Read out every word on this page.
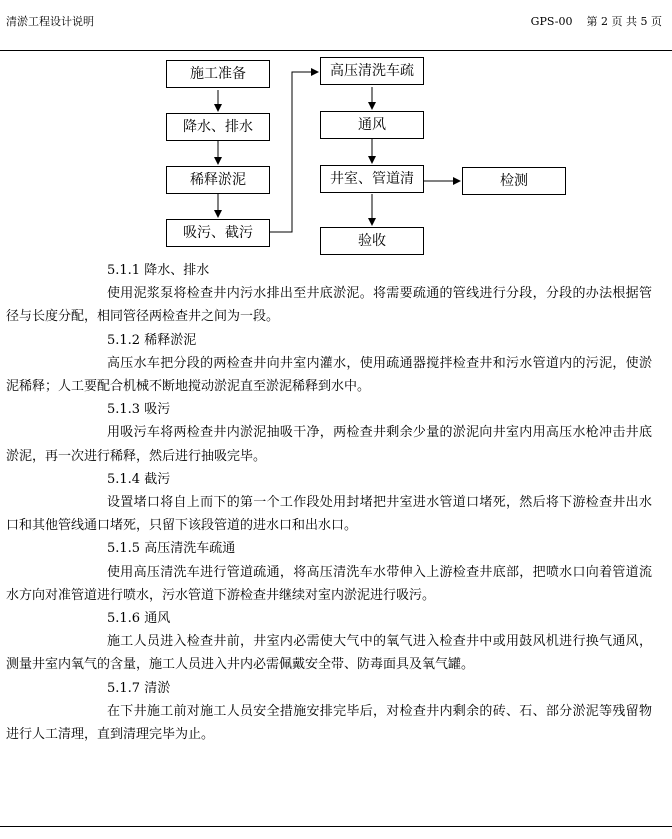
清淤工程设计说明	GPS-00 第 2 页 共 5 页
施工准备
降水、排水
稀释淤泥
吸污、截污
高压清洗车疏
通风
井室、管道清
验收
检测

5.1.1 降水、排水

使用泥浆泵将检查井内污水排出至井底淤泥。将需要疏通的管线进行分段，分段的办法根据管径与长度分配，相同管径两检查井之间为一段。

5.1.2 稀释淤泥

高压水车把分段的两检查井向井室内灌水，使用疏通器搅拌检查井和污水管道内的污泥，使淤泥稀释；人工要配合机械不断地搅动淤泥直至淤泥稀释到水中。

5.1.3 吸污

用吸污车将两检查井内淤泥抽吸干净，两检查井剩余少量的淤泥向井室内用高压水枪冲击井底淤泥，再一次进行稀释，然后进行抽吸完毕。

5.1.4 截污

设置堵口将自上而下的第一个工作段处用封堵把井室进水管道口堵死，然后将下游检查井出水口和其他管线通口堵死，只留下该段管道的进水口和出水口。

5.1.5 高压清洗车疏通

使用高压清洗车进行管道疏通，将高压清洗车水带伸入上游检查井底部，把喷水口向着管道流水方向对准管道进行喷水，污水管道下游检查井继续对室内淤泥进行吸污。

5.1.6 通风

施工人员进入检查井前，井室内必需使大气中的氧气进入检查井中或用鼓风机进行换气通风，测量井室内氧气的含量，施工人员进入井内必需佩戴安全带、防毒面具及氧气罐。

5.1.7 清淤

在下井施工前对施工人员安全措施安排完毕后，对检查井内剩余的砖、石、部分淤泥等残留物进行人工清理，直到清理完毕为止。
